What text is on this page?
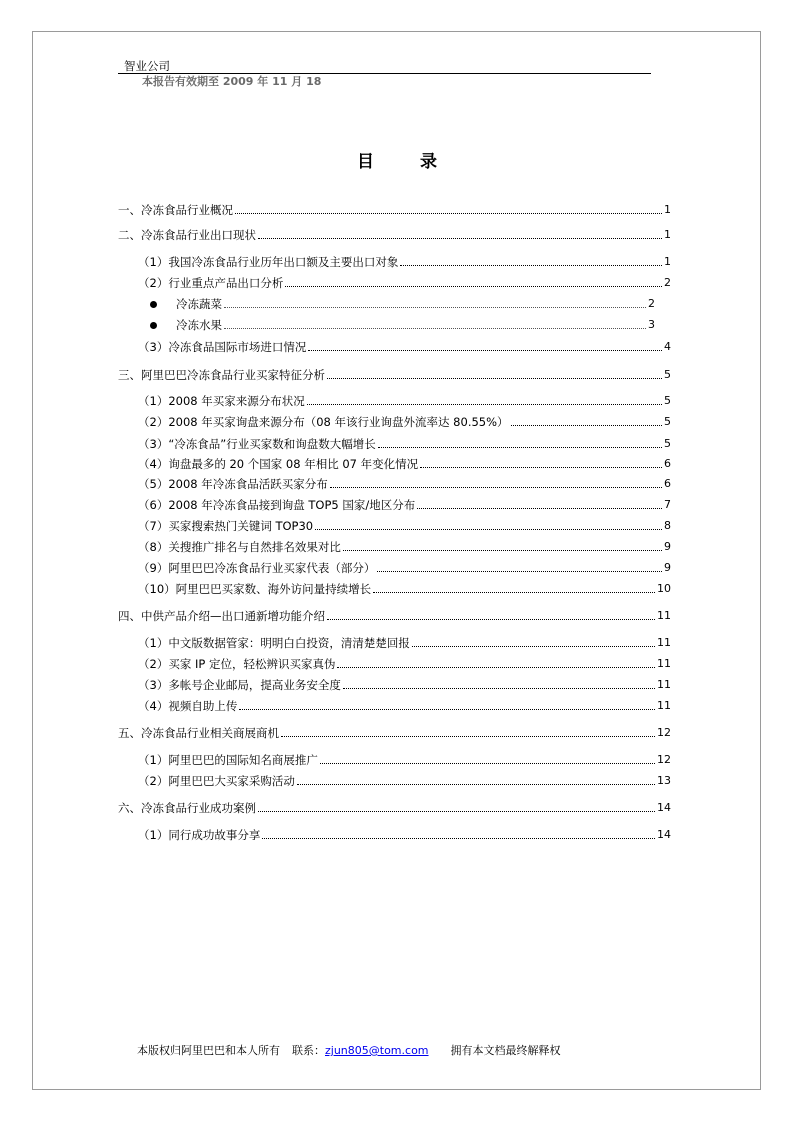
智业公司
本报告有效期至 2009 年 11 月 18
目	录
一、冷冻食品行业概况	1
二、冷冻食品行业出口现状	1
（1）我国冷冻食品行业历年出口额及主要出口对象	1
（2）行业重点产品出口分析	2
冷冻蔬菜	2
冷冻水果	3
（3）冷冻食品国际市场进口情况	4
三、阿里巴巴冷冻食品行业买家特征分析	5
（1）2008 年买家来源分布状况	5
（2）2008 年买家询盘来源分布（08 年该行业询盘外流率达 80.55%）	5
（3）“冷冻食品”行业买家数和询盘数大幅增长	5
（4）询盘最多的 20 个国家 08 年相比 07 年变化情况	6
（5）2008 年冷冻食品活跃买家分布	6
（6）2008 年冷冻食品接到询盘 TOP5 国家/地区分布	7
（7）买家搜索热门关键词 TOP30	8
（8）关搜推广排名与自然排名效果对比	9
（9）阿里巴巴冷冻食品行业买家代表（部分）	9
（10）阿里巴巴买家数、海外访问量持续增长	10
四、中供产品介绍—出口通新增功能介绍	11
（1）中文版数据管家：明明白白投资，清清楚楚回报	11
（2）买家 IP 定位，轻松辨识买家真伪	11
（3）多帐号企业邮局，提高业务安全度	11
（4）视频自助上传	11
五、冷冻食品行业相关商展商机	12
（1）阿里巴巴的国际知名商展推广	12
（2）阿里巴巴大买家采购活动	13
六、冷冻食品行业成功案例	14
（1）同行成功故事分享	14
本版权归阿里巴巴和本人所有 联系：zjun805@tom.com 拥有本文档最终解释权
